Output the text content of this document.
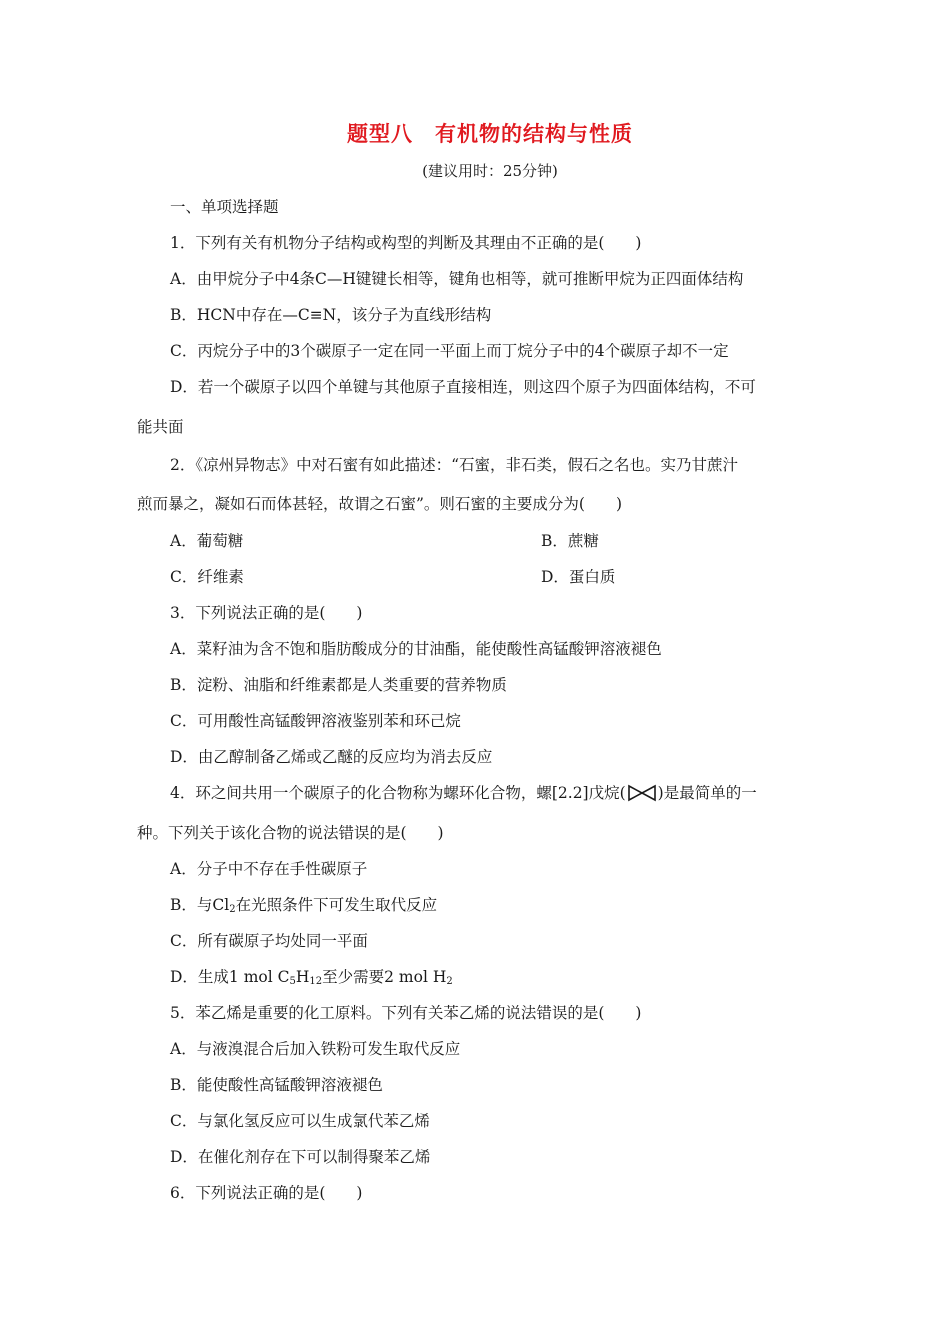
题型八　有机物的结构与性质
(建议用时：25分钟)
一、单项选择题
1．下列有关有机物分子结构或构型的判断及其理由不正确的是(　　)
A．由甲烷分子中4条C—H键键长相等，键角也相等，就可推断甲烷为正四面体结构
B．HCN中存在—C≡N，该分子为直线形结构
C．丙烷分子中的3个碳原子一定在同一平面上而丁烷分子中的4个碳原子却不一定
D．若一个碳原子以四个单键与其他原子直接相连，则这四个原子为四面体结构，不可
能共面
2．《凉州异物志》中对石蜜有如此描述：“石蜜，非石类，假石之名也。实乃甘蔗汁
煎而暴之，凝如石而体甚轻，故谓之石蜜”。则石蜜的主要成分为(　　)
A．葡萄糖	B．蔗糖
C．纤维素	D．蛋白质
3．下列说法正确的是(　　)
A．菜籽油为含不饱和脂肪酸成分的甘油酯，能使酸性高锰酸钾溶液褪色
B．淀粉、油脂和纤维素都是人类重要的营养物质
C．可用酸性高锰酸钾溶液鉴别苯和环己烷
D．由乙醇制备乙烯或乙醚的反应均为消去反应
4．环之间共用一个碳原子的化合物称为螺环化合物，螺[2.2]戊烷( )是最简单的一
种。下列关于该化合物的说法错误的是(　　)
A．分子中不存在手性碳原子
B．与$Cl_2$在光照条件下可发生取代反应
C．所有碳原子均处同一平面
D．生成1 mol $C_5H_{12}$至少需要2 mol $H_2$
5．苯乙烯是重要的化工原料。下列有关苯乙烯的说法错误的是(　　)
A．与液溴混合后加入铁粉可发生取代反应
B．能使酸性高锰酸钾溶液褪色
C．与氯化氢反应可以生成氯代苯乙烯
D．在催化剂存在下可以制得聚苯乙烯
6．下列说法正确的是(　　)
